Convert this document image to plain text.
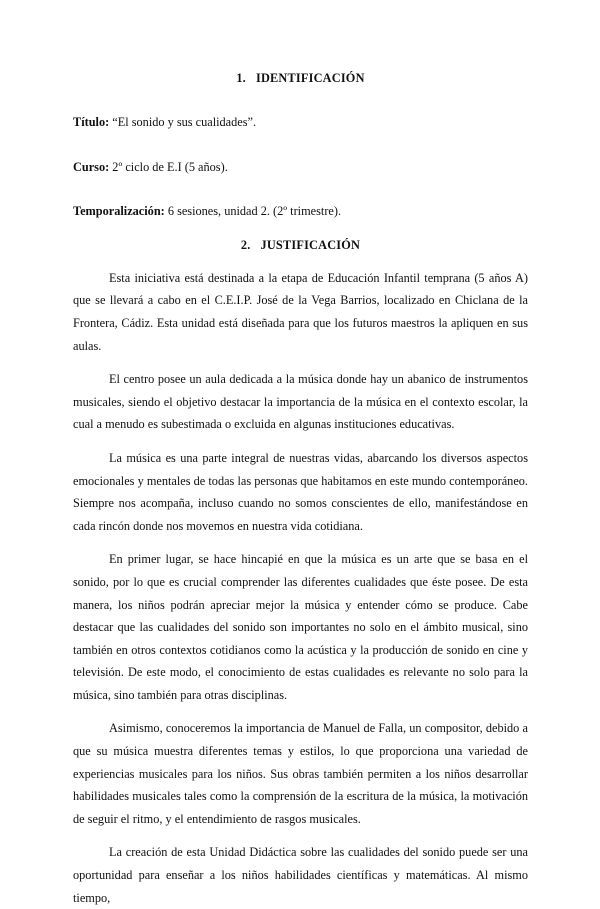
1. IDENTIFICACIÓN

Título: “El sonido y sus cualidades”.

Curso: 2º ciclo de E.I (5 años).

Temporalización: 6 sesiones, unidad 2. (2º trimestre).

2. JUSTIFICACIÓN

Esta iniciativa está destinada a la etapa de Educación Infantil temprana (5 años A) que se llevará a cabo en el C.E.I.P. José de la Vega Barrios, localizado en Chiclana de la Frontera, Cádiz. Esta unidad está diseñada para que los futuros maestros la apliquen en sus aulas.

El centro posee un aula dedicada a la música donde hay un abanico de instrumentos musicales, siendo el objetivo destacar la importancia de la música en el contexto escolar, la cual a menudo es subestimada o excluida en algunas instituciones educativas.

La música es una parte integral de nuestras vidas, abarcando los diversos aspectos emocionales y mentales de todas las personas que habitamos en este mundo contemporáneo. Siempre nos acompaña, incluso cuando no somos conscientes de ello, manifestándose en cada rincón donde nos movemos en nuestra vida cotidiana.

En primer lugar, se hace hincapié en que la música es un arte que se basa en el sonido, por lo que es crucial comprender las diferentes cualidades que éste posee. De esta manera, los niños podrán apreciar mejor la música y entender cómo se produce. Cabe destacar que las cualidades del sonido son importantes no solo en el ámbito musical, sino también en otros contextos cotidianos como la acústica y la producción de sonido en cine y televisión. De este modo, el conocimiento de estas cualidades es relevante no solo para la música, sino también para otras disciplinas.

Asimismo, conoceremos la importancia de Manuel de Falla, un compositor, debido a que su música muestra diferentes temas y estilos, lo que proporciona una variedad de experiencias musicales para los niños. Sus obras también permiten a los niños desarrollar habilidades musicales tales como la comprensión de la escritura de la música, la motivación de seguir el ritmo, y el entendimiento de rasgos musicales.

La creación de esta Unidad Didáctica sobre las cualidades del sonido puede ser una oportunidad para enseñar a los niños habilidades científicas y matemáticas. Al mismo tiempo,
